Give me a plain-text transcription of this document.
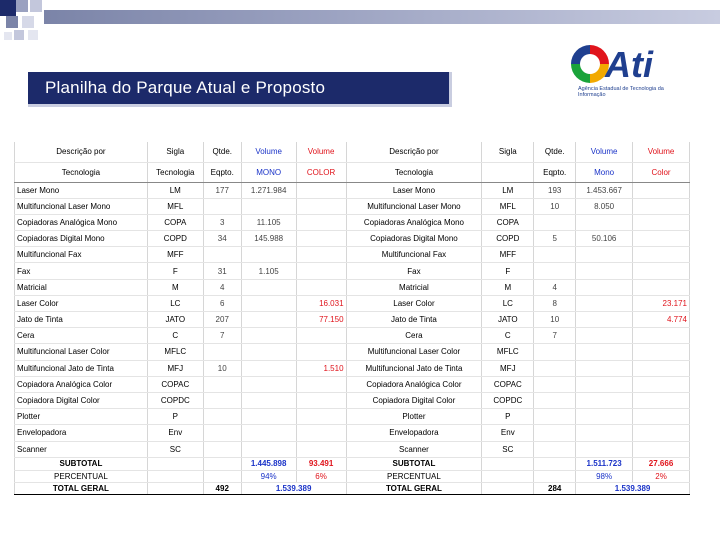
Planilha do Parque Atual e Proposto
Ati
Agência Estadual de Tecnologia da Informação
Descrição por	Sigla	Qtde.	Volume	Volume	Descrição por	Sigla	Qtde.	Volume	Volume
Tecnologia	Tecnologia	Eqpto.	MONO	COLOR	Tecnologia		Eqpto.	Mono	Color
Laser Mono	LM	177	1.271.984		Laser Mono	LM	193	1.453.667	
Multifuncional Laser Mono	MFL				Multifuncional Laser Mono	MFL	10	8.050	
Copiadoras Analógica Mono	COPA	3	11.105		Copiadoras Analógica Mono	COPA			
Copiadoras Digital Mono	COPD	34	145.988		Copiadoras Digital Mono	COPD	5	50.106	
Multifuncional Fax	MFF				Multifuncional Fax	MFF			
Fax	F	31	1.105		Fax	F			
Matricial	M	4			Matricial	M	4		
Laser Color	LC	6		16.031	Laser Color	LC	8		23.171
Jato de Tinta	JATO	207		77.150	Jato de Tinta	JATO	10		4.774
Cera	C	7			Cera	C	7		
Multifuncional Laser Color	MFLC				Multifuncional Laser Color	MFLC			
Multifuncional Jato de Tinta	MFJ	10		1.510	Multifuncional Jato de Tinta	MFJ			
Copiadora Analógica Color	COPAC				Copiadora Analógica Color	COPAC			
Copiadora Digital Color	COPDC				Copiadora Digital Color	COPDC			
Plotter	P				Plotter	P			
Envelopadora	Env				Envelopadora	Env			
Scanner	SC				Scanner	SC			
SUBTOTAL			1.445.898	93.491	SUBTOTAL			1.511.723	27.666
PERCENTUAL			94%	6%	PERCENTUAL			98%	2%
TOTAL GERAL		492	1.539.389		TOTAL GERAL		284	1.539.389	
